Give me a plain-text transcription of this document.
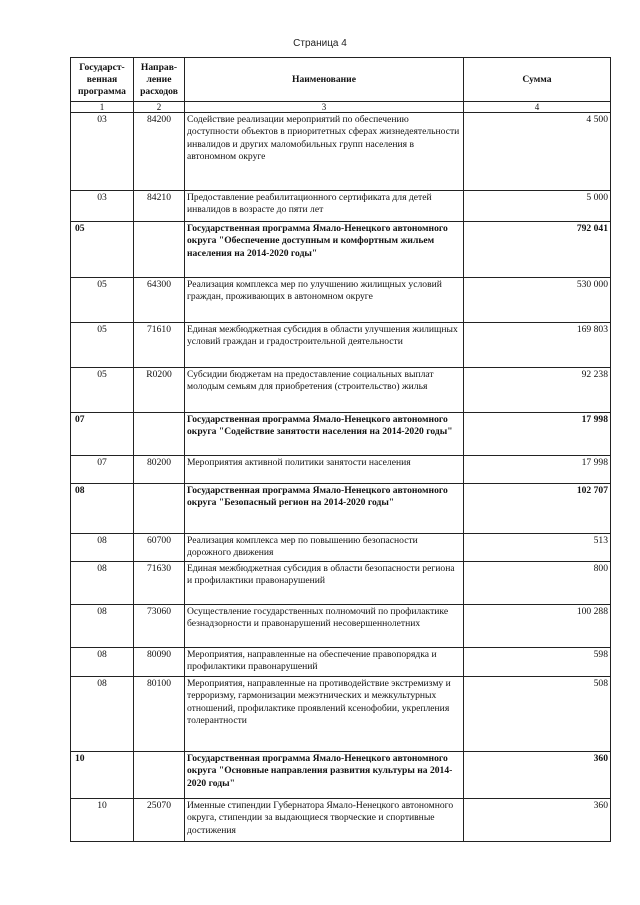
Страница 4
Государст-венная программа	Направ-ление расходов	Наименование	Сумма
1	2	3	4
03	84200	Содействие реализации мероприятий по обеспечению доступности объектов в приоритетных сферах жизнедеятельности инвалидов и других маломобильных групп населения в автономном округе	4 500
03	84210	Предоставление реабилитационного сертификата для детей инвалидов в возрасте до пяти лет	5 000
05		Государственная программа Ямало-Ненецкого автономного округа "Обеспечение доступным и комфортным жильем населения на 2014-2020 годы"	792 041
05	64300	Реализация комплекса мер по улучшению жилищных условий граждан, проживающих в автономном округе	530 000
05	71610	Единая межбюджетная субсидия в области улучшения жилищных условий граждан и градостроительной деятельности	169 803
05	R0200	Субсидии бюджетам на предоставление социальных выплат молодым семьям для приобретения (строительство) жилья	92 238
07		Государственная программа Ямало-Ненецкого автономного округа "Содействие занятости населения на 2014-2020 годы"	17 998
07	80200	Мероприятия активной политики занятости населения	17 998
08		Государственная программа Ямало-Ненецкого автономного округа "Безопасный регион на 2014-2020 годы"	102 707
08	60700	Реализация комплекса мер по повышению безопасности дорожного движения	513
08	71630	Единая межбюджетная субсидия в области безопасности региона и профилактики правонарушений	800
08	73060	Осуществление государственных полномочий по профилактике безнадзорности и правонарушений несовершеннолетних	100 288
08	80090	Мероприятия, направленные на обеспечение правопорядка и профилактики правонарушений	598
08	80100	Мероприятия, направленные на противодействие экстремизму и терроризму, гармонизации межэтнических и межкультурных отношений, профилактике проявлений ксенофобии, укрепления толерантности	508
10		Государственная программа Ямало-Ненецкого автономного округа "Основные направления развития культуры на 2014-2020 годы"	360
10	25070	Именные стипендии Губернатора Ямало-Ненецкого автономного округа, стипендии за выдающиеся творческие и спортивные достижения	360
